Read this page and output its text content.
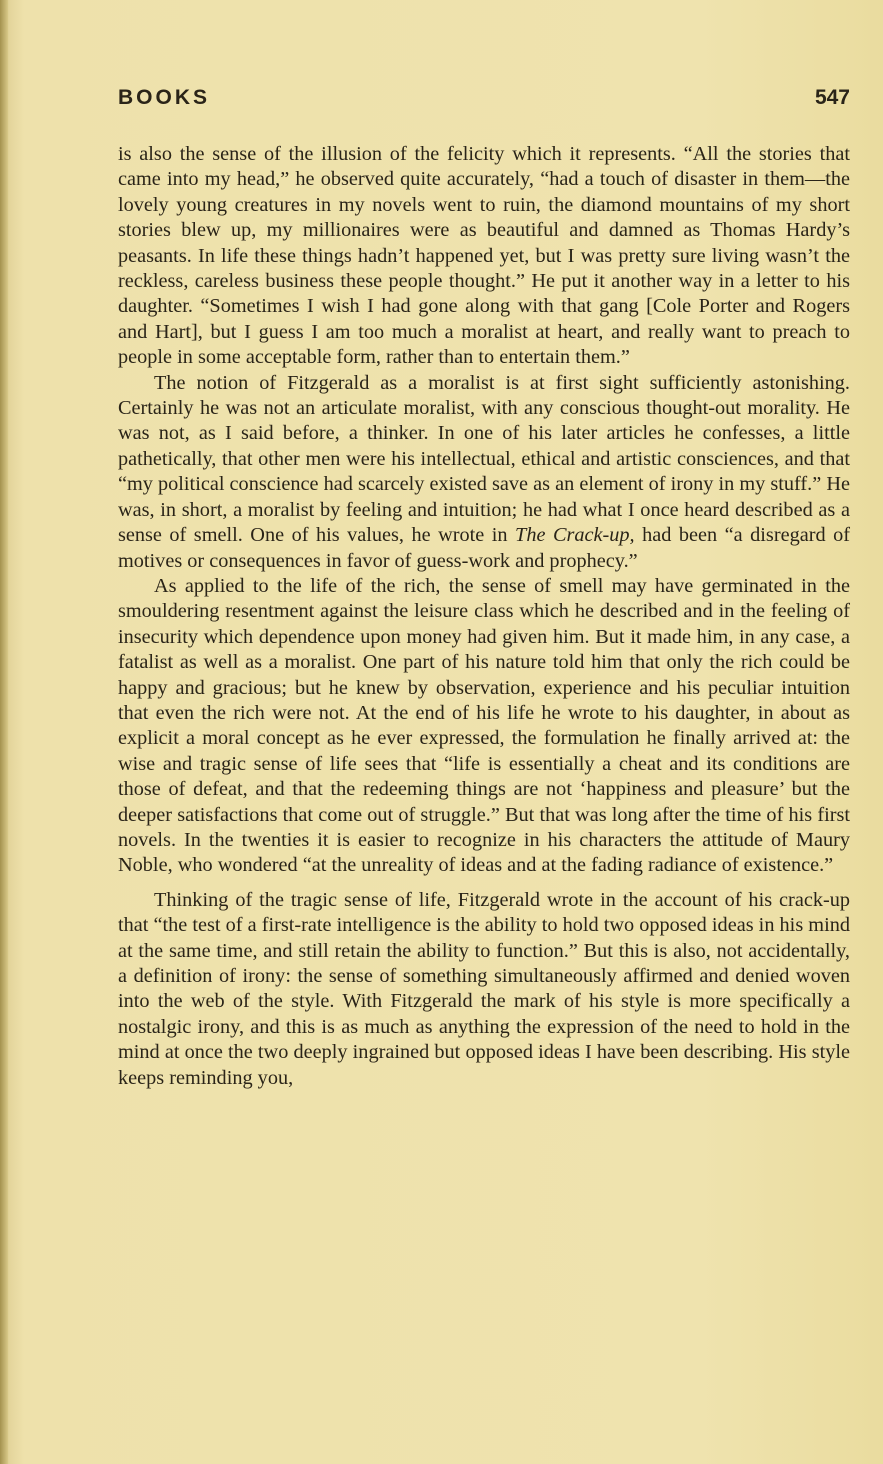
BOOKS	547

is also the sense of the illusion of the felicity which it represents. “All the stories that came into my head,” he observed quite accurately, “had a touch of disaster in them—the lovely young creatures in my novels went to ruin, the diamond mountains of my short stories blew up, my millionaires were as beautiful and damned as Thomas Hardy’s peasants. In life these things hadn’t happened yet, but I was pretty sure living wasn’t the reckless, careless business these people thought.” He put it another way in a letter to his daughter. “Sometimes I wish I had gone along with that gang [Cole Porter and Rogers and Hart], but I guess I am too much a moralist at heart, and really want to preach to people in some acceptable form, rather than to entertain them.”

The notion of Fitzgerald as a moralist is at first sight sufficiently astonishing. Certainly he was not an articulate moralist, with any conscious thought-out morality. He was not, as I said before, a thinker. In one of his later articles he confesses, a little pathetically, that other men were his intellectual, ethical and artistic consciences, and that “my political conscience had scarcely existed save as an element of irony in my stuff.” He was, in short, a moralist by feeling and intuition; he had what I once heard described as a sense of smell. One of his values, he wrote in The Crack-up, had been “a disregard of motives or consequences in favor of guess-work and prophecy.”

As applied to the life of the rich, the sense of smell may have germinated in the smouldering resentment against the leisure class which he described and in the feeling of insecurity which dependence upon money had given him. But it made him, in any case, a fatalist as well as a moralist. One part of his nature told him that only the rich could be happy and gracious; but he knew by observation, experience and his peculiar intuition that even the rich were not. At the end of his life he wrote to his daughter, in about as explicit a moral concept as he ever expressed, the formulation he finally arrived at: the wise and tragic sense of life sees that “life is essentially a cheat and its conditions are those of defeat, and that the redeeming things are not ‘happiness and pleasure’ but the deeper satisfactions that come out of struggle.” But that was long after the time of his first novels. In the twenties it is easier to recognize in his characters the attitude of Maury Noble, who wondered “at the unreality of ideas and at the fading radiance of existence.”

Thinking of the tragic sense of life, Fitzgerald wrote in the account of his crack-up that “the test of a first-rate intelligence is the ability to hold two opposed ideas in his mind at the same time, and still retain the ability to function.” But this is also, not accidentally, a definition of irony: the sense of something simultaneously affirmed and denied woven into the web of the style. With Fitzgerald the mark of his style is more specifically a nostalgic irony, and this is as much as anything the expression of the need to hold in the mind at once the two deeply ingrained but opposed ideas I have been describing. His style keeps reminding you,
